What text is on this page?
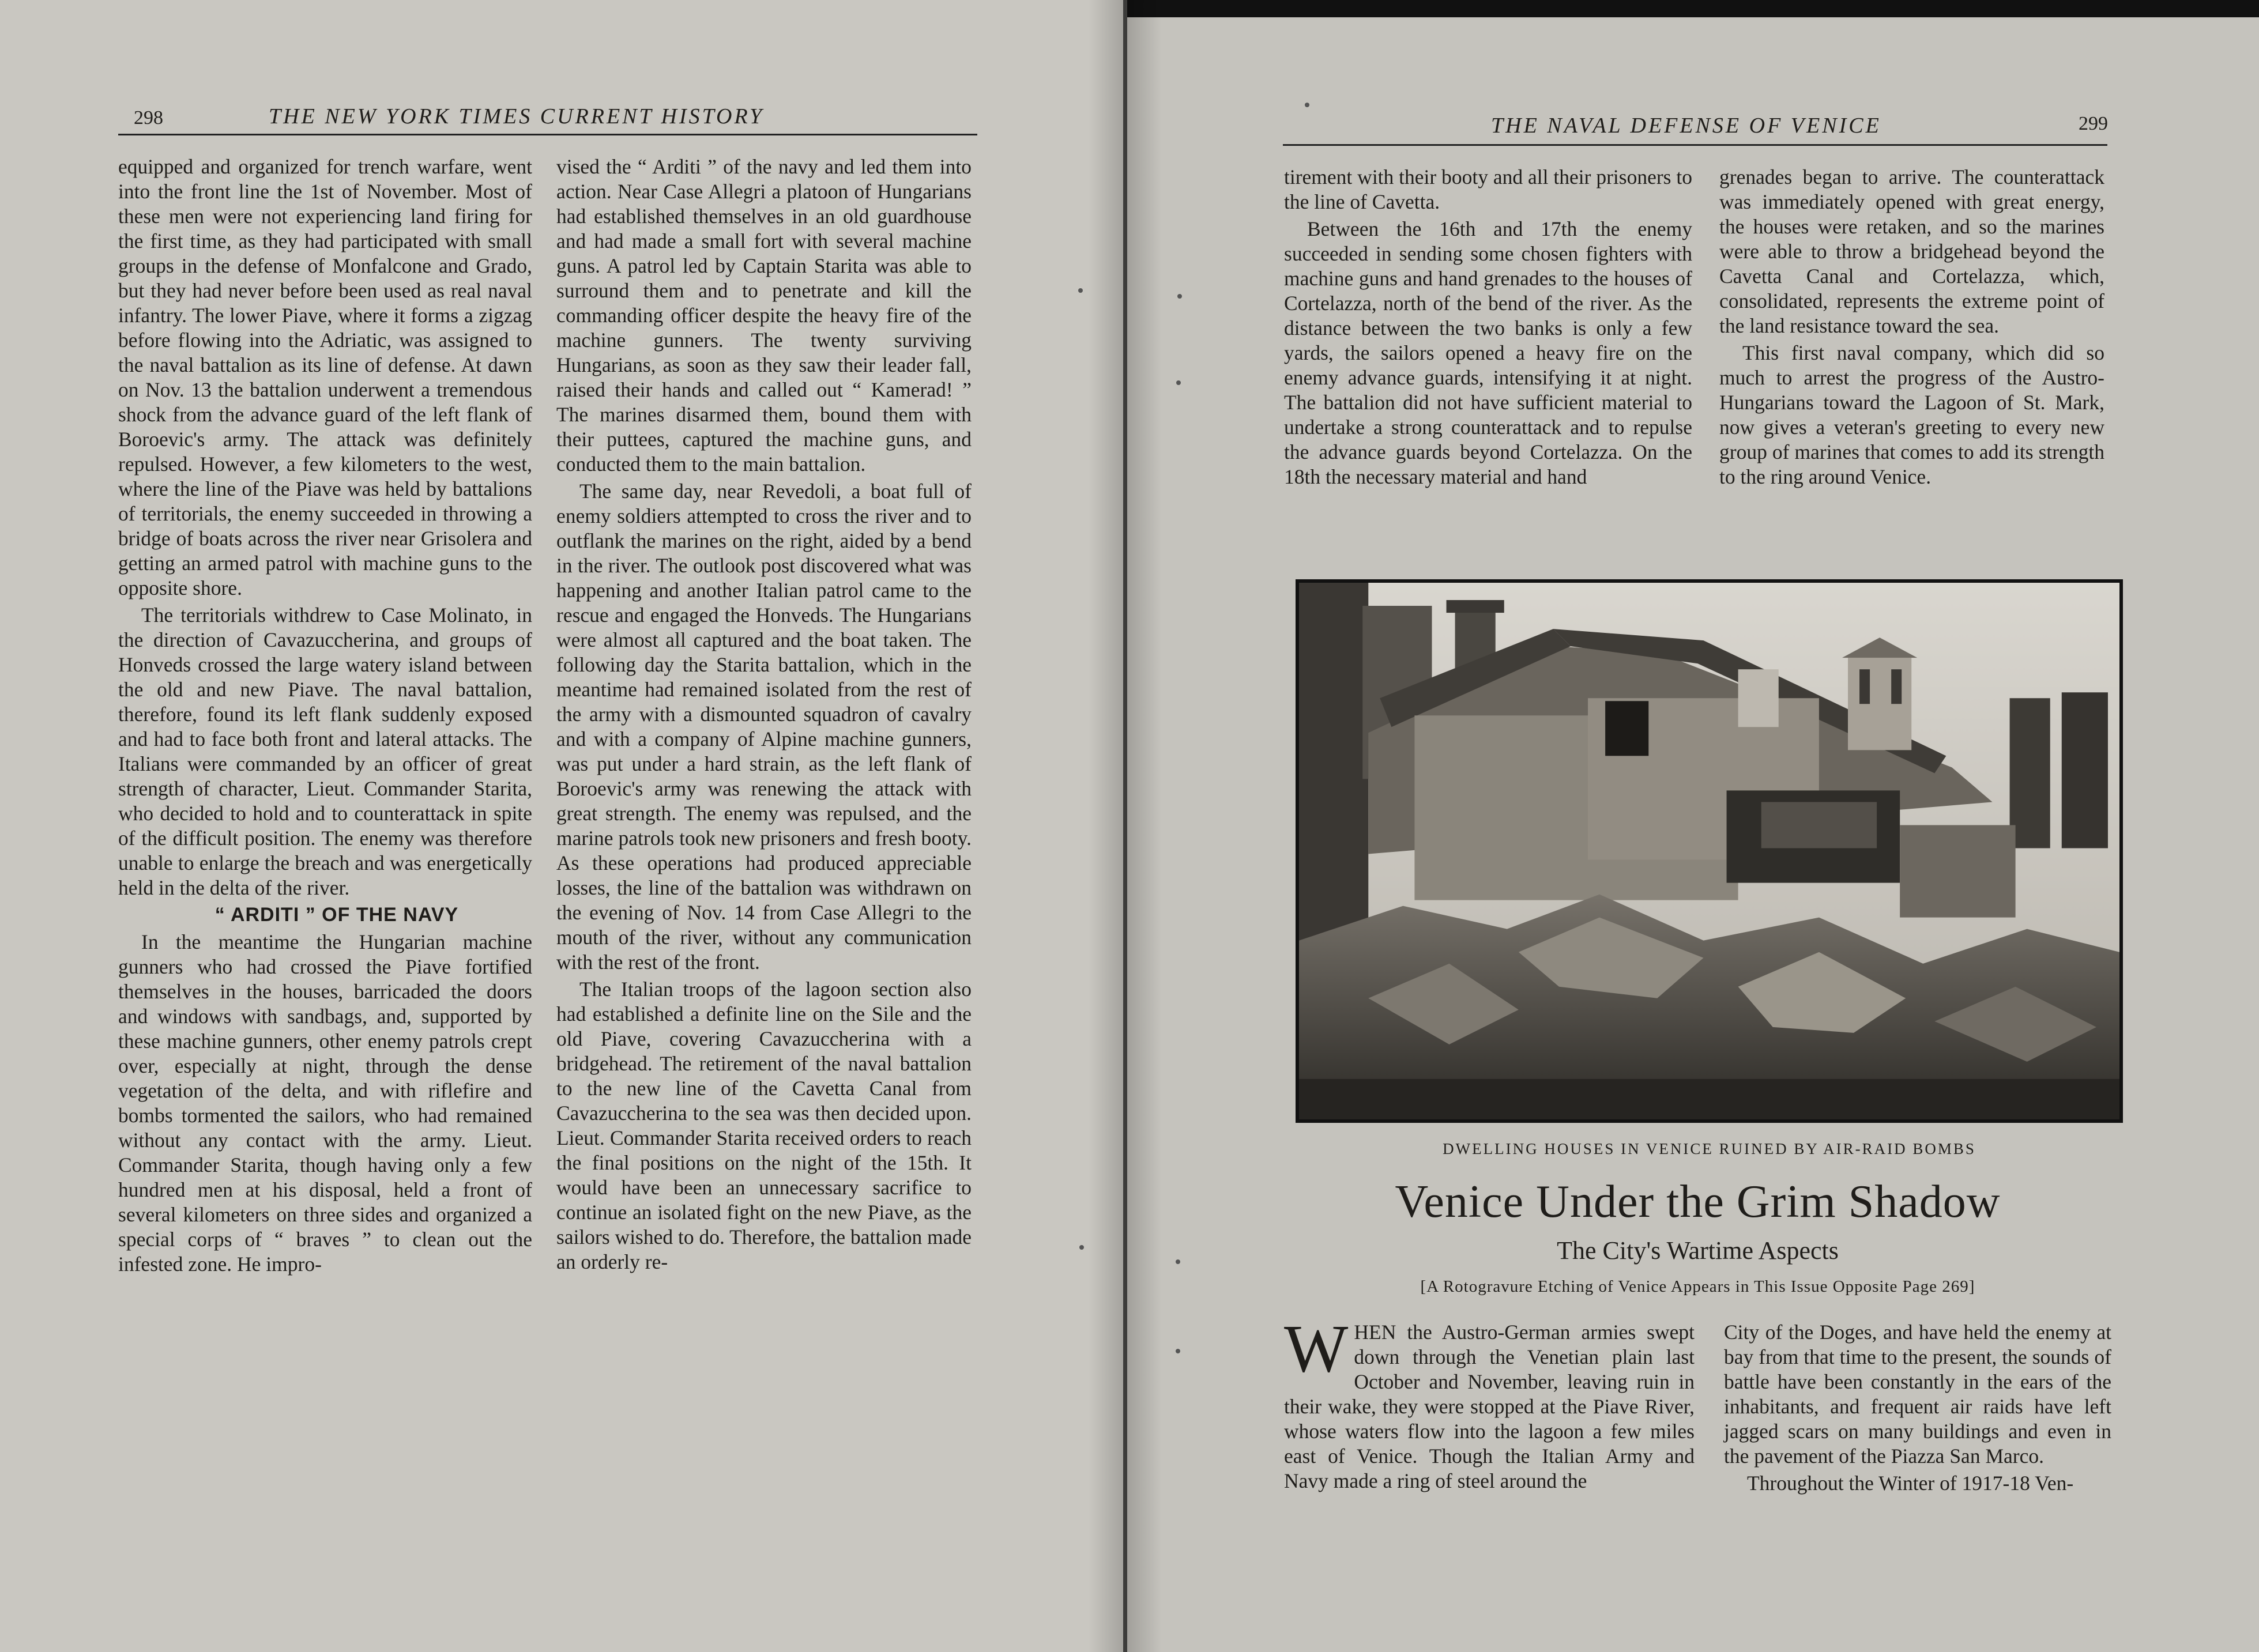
298	THE NEW YORK TIMES CURRENT HISTORY

equipped and organized for trench warfare, went into the front line the 1st of November. Most of these men were not experiencing land firing for the first time, as they had participated with small groups in the defense of Monfalcone and Grado, but they had never before been used as real naval infantry. The lower Piave, where it forms a zigzag before flowing into the Adriatic, was assigned to the naval battalion as its line of defense. At dawn on Nov. 13 the battalion underwent a tremendous shock from the advance guard of the left flank of Boroevic's army. The attack was definitely repulsed. However, a few kilometers to the west, where the line of the Piave was held by battalions of territorials, the enemy succeeded in throwing a bridge of boats across the river near Grisolera and getting an armed patrol with machine guns to the opposite shore.

The territorials withdrew to Case Molinato, in the direction of Cavazuccherina, and groups of Honveds crossed the large watery island between the old and new Piave. The naval battalion, therefore, found its left flank suddenly exposed and had to face both front and lateral attacks. The Italians were commanded by an officer of great strength of character, Lieut. Commander Starita, who decided to hold and to counterattack in spite of the difficult position. The enemy was therefore unable to enlarge the breach and was energetically held in the delta of the river.

“ ARDITI ” OF THE NAVY

In the meantime the Hungarian machine gunners who had crossed the Piave fortified themselves in the houses, barricaded the doors and windows with sandbags, and, supported by these machine gunners, other enemy patrols crept over, especially at night, through the dense vegetation of the delta, and with riflefire and bombs tormented the sailors, who had remained without any contact with the army. Lieut. Commander Starita, though having only a few hundred men at his disposal, held a front of several kilometers on three sides and organized a special corps of “ braves ” to clean out the infested zone. He impro-

vised the “ Arditi ” of the navy and led them into action. Near Case Allegri a platoon of Hungarians had established themselves in an old guardhouse and had made a small fort with several machine guns. A patrol led by Captain Starita was able to surround them and to penetrate and kill the commanding officer despite the heavy fire of the machine gunners. The twenty surviving Hungarians, as soon as they saw their leader fall, raised their hands and called out “ Kamerad! ” The marines disarmed them, bound them with their puttees, captured the machine guns, and conducted them to the main battalion.

The same day, near Revedoli, a boat full of enemy soldiers attempted to cross the river and to outflank the marines on the right, aided by a bend in the river. The outlook post discovered what was happening and another Italian patrol came to the rescue and engaged the Honveds. The Hungarians were almost all captured and the boat taken. The following day the Starita battalion, which in the meantime had remained isolated from the rest of the army with a dismounted squadron of cavalry and with a company of Alpine machine gunners, was put under a hard strain, as the left flank of Boroevic's army was renewing the attack with great strength. The enemy was repulsed, and the marine patrols took new prisoners and fresh booty. As these operations had produced appreciable losses, the line of the battalion was withdrawn on the evening of Nov. 14 from Case Allegri to the mouth of the river, without any communication with the rest of the front.

The Italian troops of the lagoon section also had established a definite line on the Sile and the old Piave, covering Cavazuccherina with a bridgehead. The retirement of the naval battalion to the new line of the Cavetta Canal from Cavazuccherina to the sea was then decided upon. Lieut. Commander Starita received orders to reach the final positions on the night of the 15th. It would have been an unnecessary sacrifice to continue an isolated fight on the new Piave, as the sailors wished to do. Therefore, the battalion made an orderly re-

THE NAVAL DEFENSE OF VENICE	299

tirement with their booty and all their prisoners to the line of Cavetta.

Between the 16th and 17th the enemy succeeded in sending some chosen fighters with machine guns and hand grenades to the houses of Cortelazza, north of the bend of the river. As the distance between the two banks is only a few yards, the sailors opened a heavy fire on the enemy advance guards, intensifying it at night. The battalion did not have sufficient material to undertake a strong counterattack and to repulse the advance guards beyond Cortelazza. On the 18th the necessary material and hand

grenades began to arrive. The counterattack was immediately opened with great energy, the houses were retaken, and so the marines were able to throw a bridgehead beyond the Cavetta Canal and Cortelazza, which, consolidated, represents the extreme point of the land resistance toward the sea.

This first naval company, which did so much to arrest the progress of the Austro-Hungarians toward the Lagoon of St. Mark, now gives a veteran's greeting to every new group of marines that comes to add its strength to the ring around Venice.

DWELLING HOUSES IN VENICE RUINED BY AIR-RAID BOMBS
Venice Under the Grim Shadow
The City's Wartime Aspects
[A Rotogravure Etching of Venice Appears in This Issue Opposite Page 269]

WHEN the Austro-German armies swept down through the Venetian plain last October and November, leaving ruin in their wake, they were stopped at the Piave River, whose waters flow into the lagoon a few miles east of Venice. Though the Italian Army and Navy made a ring of steel around the

City of the Doges, and have held the enemy at bay from that time to the present, the sounds of battle have been constantly in the ears of the inhabitants, and frequent air raids have left jagged scars on many buildings and even in the pavement of the Piazza San Marco.

Throughout the Winter of 1917-18 Ven-
